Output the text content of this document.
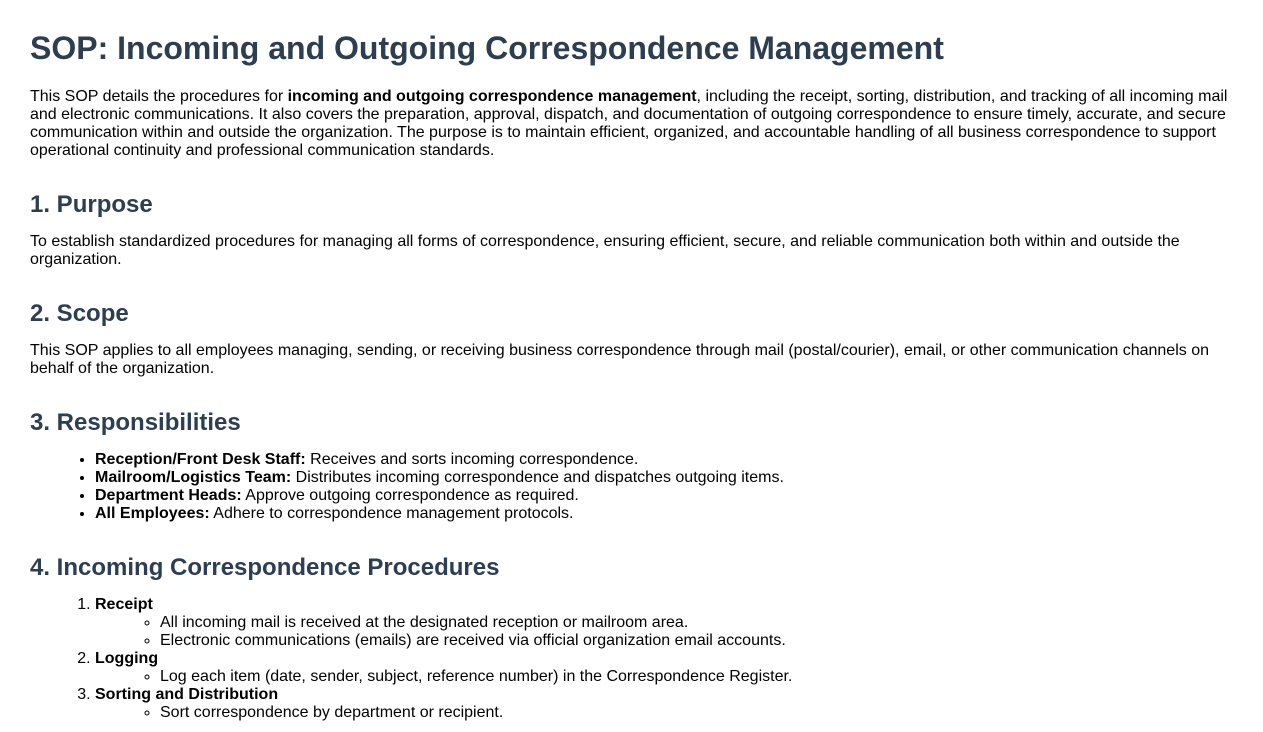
SOP: Incoming and Outgoing Correspondence Management

This SOP details the procedures for incoming and outgoing correspondence management, including the receipt, sorting, distribution, and tracking of all incoming mail and electronic communications. It also covers the preparation, approval, dispatch, and documentation of outgoing correspondence to ensure timely, accurate, and secure communication within and outside the organization. The purpose is to maintain efficient, organized, and accountable handling of all business correspondence to support operational continuity and professional communication standards.

1. Purpose

To establish standardized procedures for managing all forms of correspondence, ensuring efficient, secure, and reliable communication both within and outside the organization.

2. Scope

This SOP applies to all employees managing, sending, or receiving business correspondence through mail (postal/courier), email, or other communication channels on behalf of the organization.

3. Responsibilities
• Reception/Front Desk Staff: Receives and sorts incoming correspondence.
• Mailroom/Logistics Team: Distributes incoming correspondence and dispatches outgoing items.
• Department Heads: Approve outgoing correspondence as required.
• All Employees: Adhere to correspondence management protocols.
4. Incoming Correspondence Procedures
1. Receipt
◦ All incoming mail is received at the designated reception or mailroom area.
◦ Electronic communications (emails) are received via official organization email accounts.
2. Logging
◦ Log each item (date, sender, subject, reference number) in the Correspondence Register.
3. Sorting and Distribution
◦ Sort correspondence by department or recipient.
